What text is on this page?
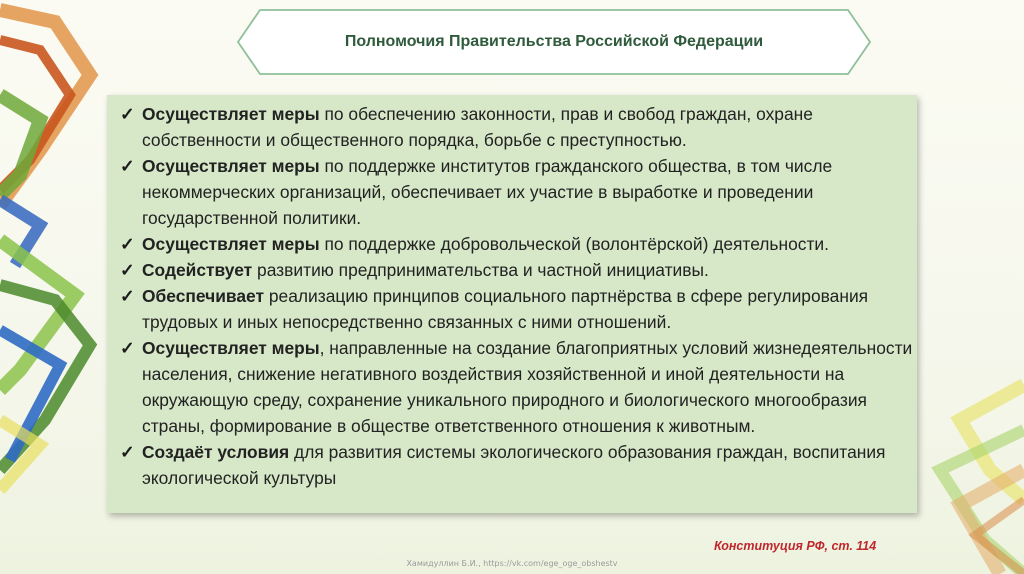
Полномочия Правительства Российской Федерации
✓ Осуществляет меры по обеспечению законности, прав и свобод граждан, охране собственности и общественного порядка, борьбе с преступностью.
✓ Осуществляет меры по поддержке институтов гражданского общества, в том числе некоммерческих организаций, обеспечивает их участие в выработке и проведении государственной политики.
✓ Осуществляет меры по поддержке добровольческой (волонтёрской) деятельности.
✓ Содействует развитию предпринимательства и частной инициативы.
✓ Обеспечивает реализацию принципов социального партнёрства в сфере регулирования трудовых и иных непосредственно связанных с ними отношений.
✓ Осуществляет меры, направленные на создание благоприятных условий жизнедеятельности населения, снижение негативного воздействия хозяйственной и иной деятельности на окружающую среду, сохранение уникального природного и биологического многообразия страны, формирование в обществе ответственного отношения к животным.
✓ Создаёт условия для развития системы экологического образования граждан, воспитания экологической культуры
Конституция РФ, ст. 114
Хамидуллин Б.И., https://vk.com/ege_oge_obshestv
